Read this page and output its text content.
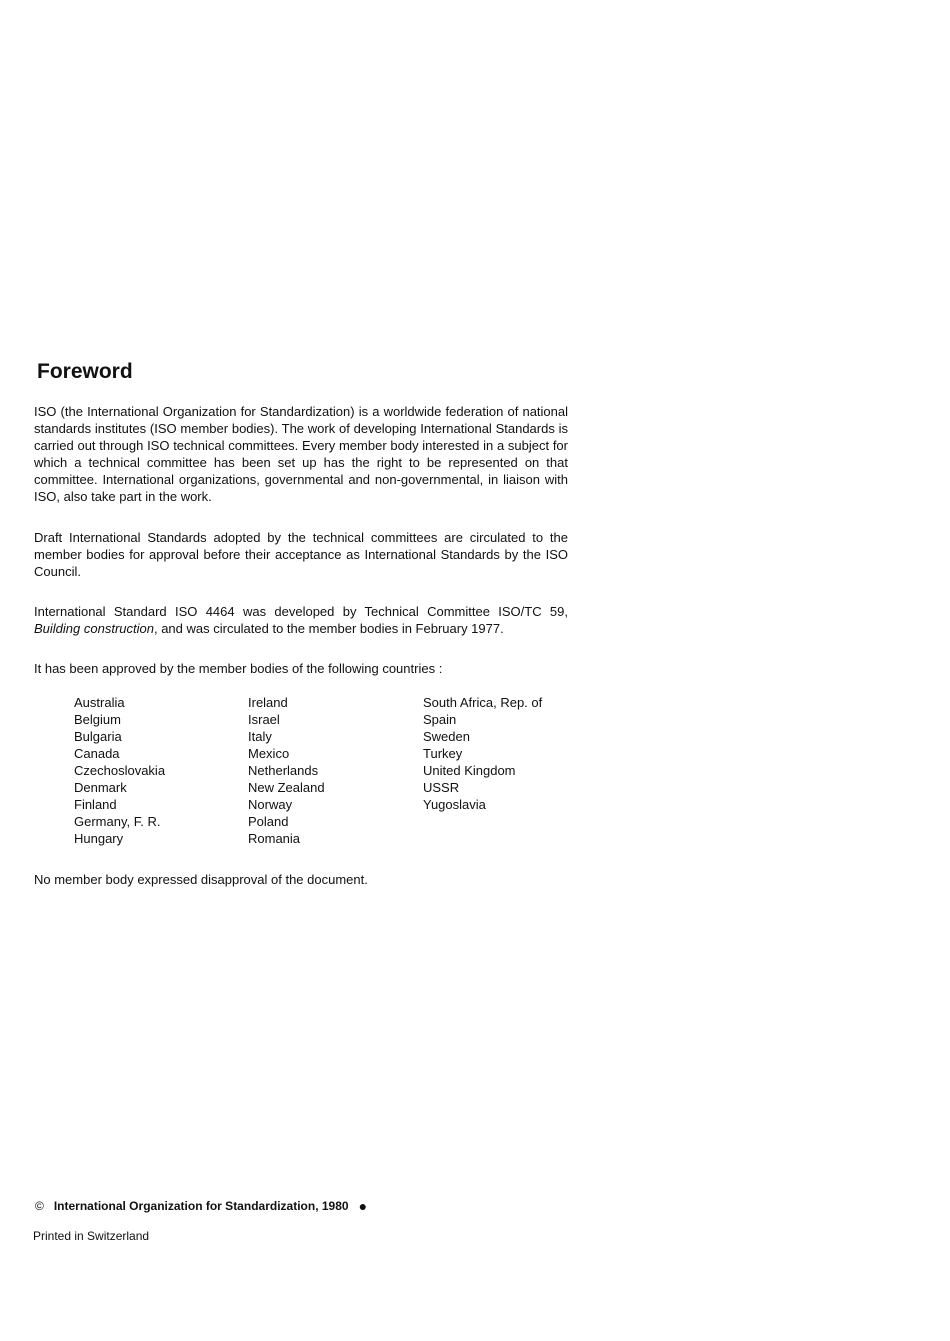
Foreword

ISO (the International Organization for Standardization) is a worldwide federation of national standards institutes (ISO member bodies). The work of developing International Standards is carried out through ISO technical committees. Every member body interested in a subject for which a technical committee has been set up has the right to be represented on that committee. International organizations, governmental and non-governmental, in liaison with ISO, also take part in the work.

Draft International Standards adopted by the technical committees are circulated to the member bodies for approval before their acceptance as International Standards by the ISO Council.

International Standard ISO 4464 was developed by Technical Committee ISO/TC 59, Building construction, and was circulated to the member bodies in February 1977.

It has been approved by the member bodies of the following countries :

Australia
Belgium
Bulgaria
Canada
Czechoslovakia
Denmark
Finland
Germany, F. R.
Hungary
Ireland
Israel
Italy
Mexico
Netherlands
New Zealand
Norway
Poland
Romania
South Africa, Rep. of
Spain
Sweden
Turkey
United Kingdom
USSR
Yugoslavia

No member body expressed disapproval of the document.

© International Organization for Standardization, 1980 ●
Printed in Switzerland
